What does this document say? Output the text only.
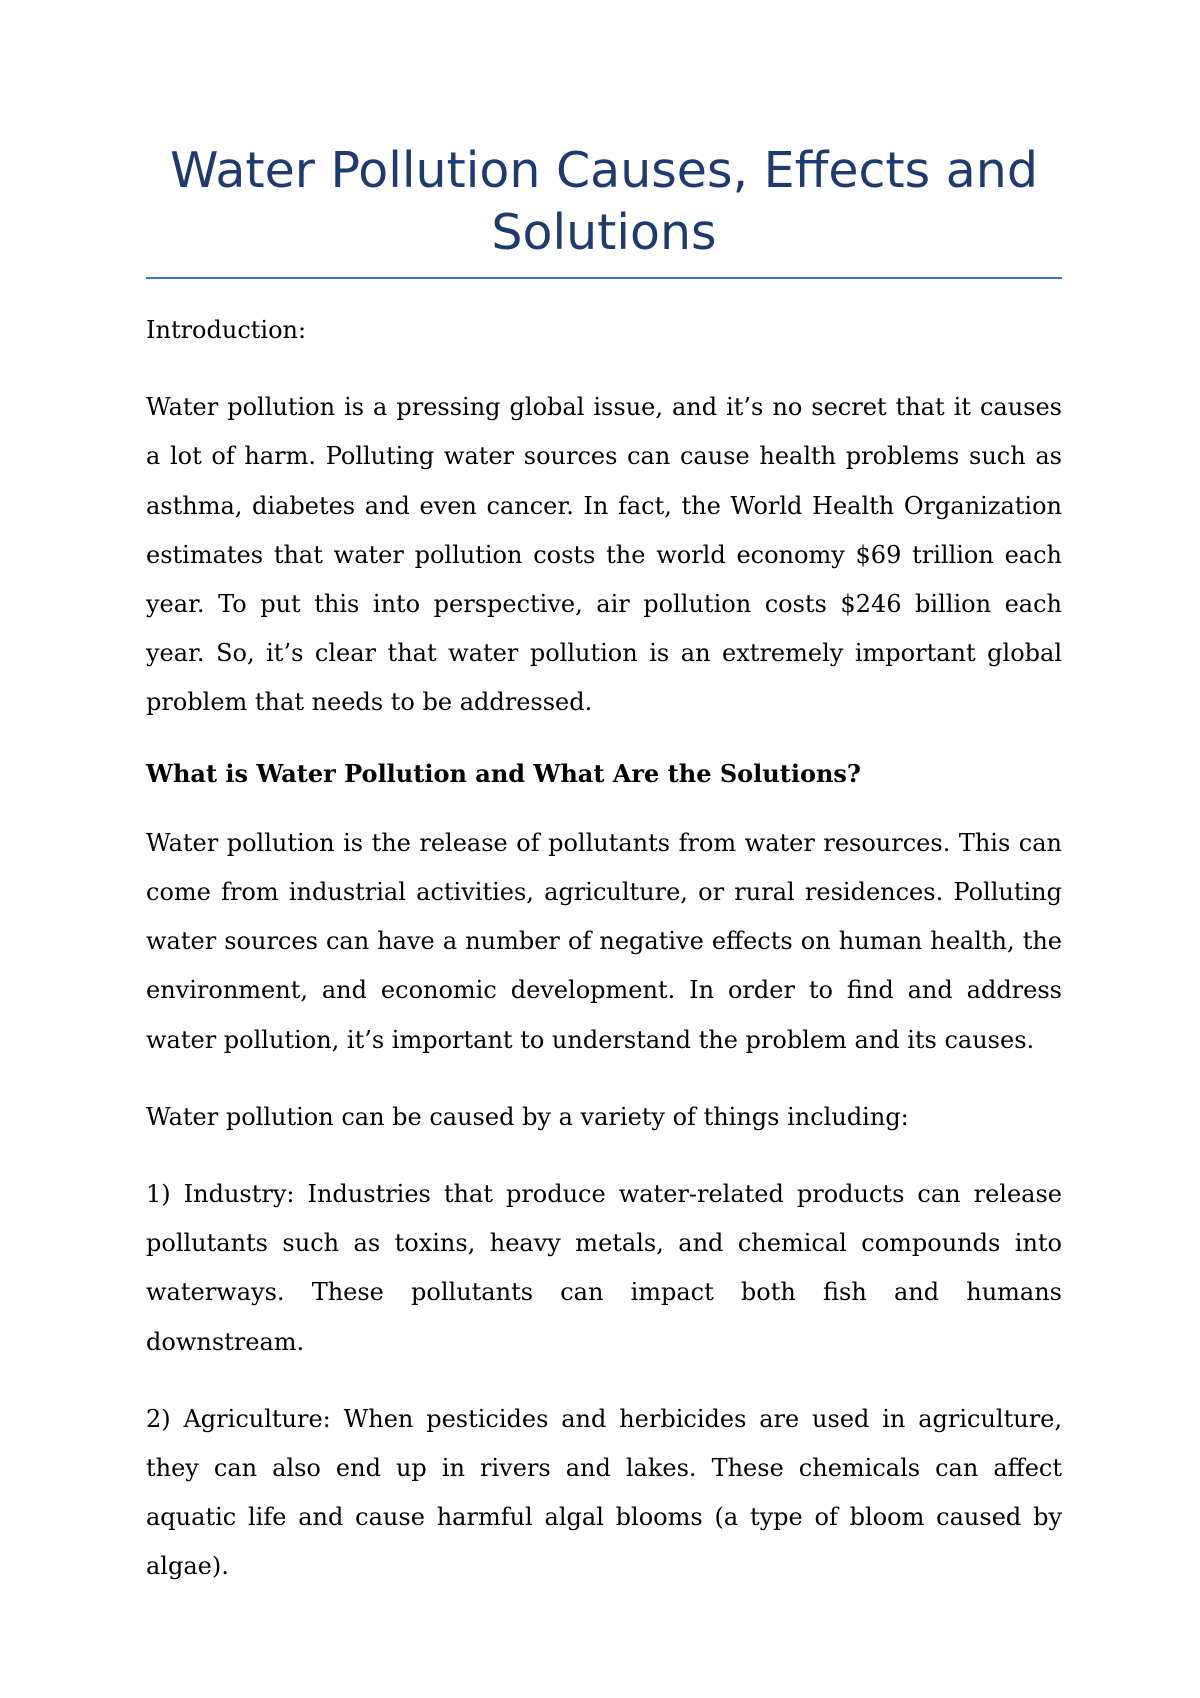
Water Pollution Causes, Effects and Solutions

Introduction:

Water pollution is a pressing global issue, and it’s no secret that it causes a lot of harm. Polluting water sources can cause health problems such as asthma, diabetes and even cancer. In fact, the World Health Organization estimates that water pollution costs the world economy $69 trillion each year. To put this into perspective, air pollution costs $246 billion each year. So, it’s clear that water pollution is an extremely important global problem that needs to be addressed.

What is Water Pollution and What Are the Solutions?

Water pollution is the release of pollutants from water resources. This can come from industrial activities, agriculture, or rural residences. Polluting water sources can have a number of negative effects on human health, the environment, and economic development. In order to find and address water pollution, it’s important to understand the problem and its causes.

Water pollution can be caused by a variety of things including:

1) Industry: Industries that produce water-related products can release pollutants such as toxins, heavy metals, and chemical compounds into waterways. These pollutants can impact both fish and humans downstream.

2) Agriculture: When pesticides and herbicides are used in agriculture, they can also end up in rivers and lakes. These chemicals can affect aquatic life and cause harmful algal blooms (a type of bloom caused by algae).
